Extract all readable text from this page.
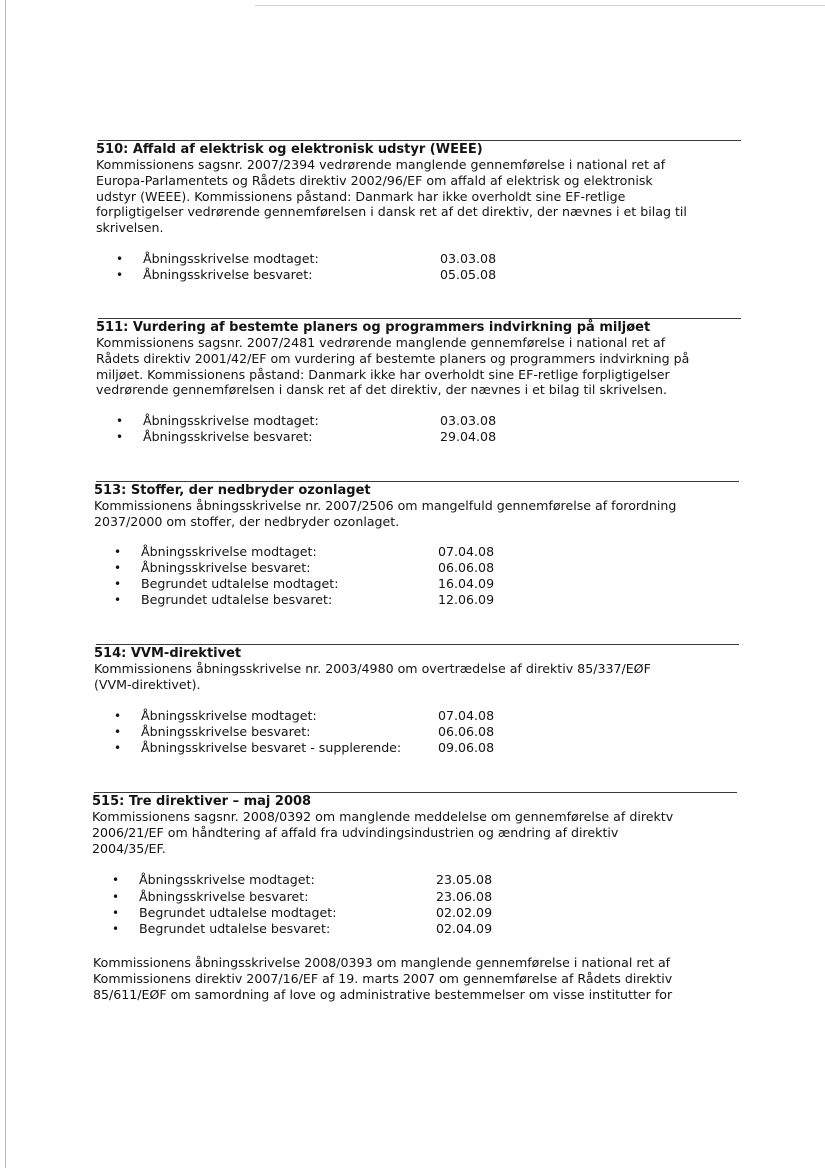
510: Affald af elektrisk og elektronisk udstyr (WEEE)

Kommissionens sagsnr. 2007/2394 vedrørende manglende gennemførelse i national ret af
Europa-Parlamentets og Rådets direktiv 2002/96/EF om affald af elektrisk og elektronisk
udstyr (WEEE). Kommissionens påstand: Danmark har ikke overholdt sine EF-retlige
forpligtigelser vedrørende gennemførelsen i dansk ret af det direktiv, der nævnes i et bilag til
skrivelsen.

• Åbningsskrivelse modtaget:	03.03.08
• Åbningsskrivelse besvaret:	05.05.08
511: Vurdering af bestemte planers og programmers indvirkning på miljøet

Kommissionens sagsnr. 2007/2481 vedrørende manglende gennemførelse i national ret af
Rådets direktiv 2001/42/EF om vurdering af bestemte planers og programmers indvirkning på
miljøet. Kommissionens påstand: Danmark ikke har overholdt sine EF-retlige forpligtigelser
vedrørende gennemførelsen i dansk ret af det direktiv, der nævnes i et bilag til skrivelsen.

• Åbningsskrivelse modtaget:	03.03.08
• Åbningsskrivelse besvaret:	29.04.08
513: Stoffer, der nedbryder ozonlaget

Kommissionens åbningsskrivelse nr. 2007/2506 om mangelfuld gennemførelse af forordning
2037/2000 om stoffer, der nedbryder ozonlaget.

• Åbningsskrivelse modtaget:	07.04.08
• Åbningsskrivelse besvaret:	06.06.08
• Begrundet udtalelse modtaget:	16.04.09
• Begrundet udtalelse besvaret:	12.06.09
514: VVM-direktivet

Kommissionens åbningsskrivelse nr. 2003/4980 om overtrædelse af direktiv 85/337/EØF
(VVM-direktivet).

• Åbningsskrivelse modtaget:	07.04.08
• Åbningsskrivelse besvaret:	06.06.08
• Åbningsskrivelse besvaret - supplerende:	09.06.08
515: Tre direktiver – maj 2008

Kommissionens sagsnr. 2008/0392 om manglende meddelelse om gennemførelse af direktv
2006/21/EF om håndtering af affald fra udvindingsindustrien og ændring af direktiv
2004/35/EF.

• Åbningsskrivelse modtaget:	23.05.08
• Åbningsskrivelse besvaret:	23.06.08
• Begrundet udtalelse modtaget:	02.02.09
• Begrundet udtalelse besvaret:	02.04.09

Kommissionens åbningsskrivelse 2008/0393 om manglende gennemførelse i national ret af
Kommissionens direktiv 2007/16/EF af 19. marts 2007 om gennemførelse af Rådets direktiv
85/611/EØF om samordning af love og administrative bestemmelser om visse institutter for
